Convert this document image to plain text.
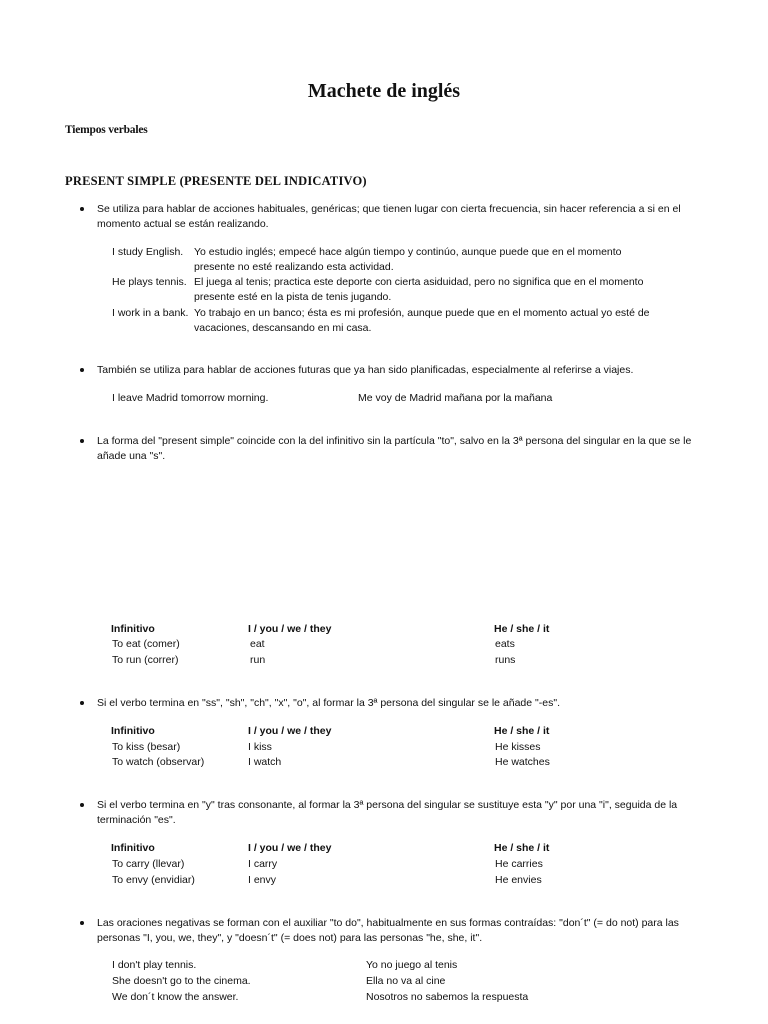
Machete de inglés
Tiempos verbales
PRESENT SIMPLE (PRESENTE DEL INDICATIVO)
Se utiliza para hablar de acciones habituales, genéricas; que tienen lugar con cierta frecuencia, sin hacer referencia a si en el momento actual se están realizando.
I study English. Yo estudio inglés; empecé hace algún tiempo y continúo, aunque puede que en el momento presente no esté realizando esta actividad.
He plays tennis. El juega al tenis; practica este deporte con cierta asiduidad, pero no significa que en el momento presente esté en la pista de tenis jugando.
I work in a bank. Yo trabajo en un banco; ésta es mi profesión, aunque puede que en el momento actual yo esté de vacaciones, descansando en mi casa.
También se utiliza para hablar de acciones futuras que ya han sido planificadas, especialmente al referirse a viajes.
I leave Madrid tomorrow morning.	Me voy de Madrid mañana por la mañana
La forma del "present simple" coincide con la del infinitivo sin la partícula "to", salvo en la 3ª persona del singular en la que se le añade una "s".
Infinitivo	I / you / we / they	He / she / it
To eat (comer)	eat	eats
To run (correr)	run	runs
Si el verbo termina en "ss", "sh", "ch", "x", "o", al formar la 3ª persona del singular se le añade "-es".
Infinitivo	I / you / we / they	He / she / it
To kiss (besar)	I kiss	He kisses
To watch (observar)	I watch	He watches
Si el verbo termina en "y" tras consonante, al formar la 3ª persona del singular se sustituye esta "y" por una "i", seguida de la terminación "es".
Infinitivo	I / you / we / they	He / she / it
To carry (llevar)	I carry	He carries
To envy (envidiar)	I envy	He envies
Las oraciones negativas se forman con el auxiliar "to do", habitualmente en sus formas contraídas: "don´t" (= do not) para las personas "I, you, we, they", y "doesn´t" (= does not) para las personas "he, she, it".
I don't play tennis.	Yo no juego al tenis
She doesn't go to the cinema.	Ella no va al cine
We don´t know the answer.	Nosotros no sabemos la respuesta
